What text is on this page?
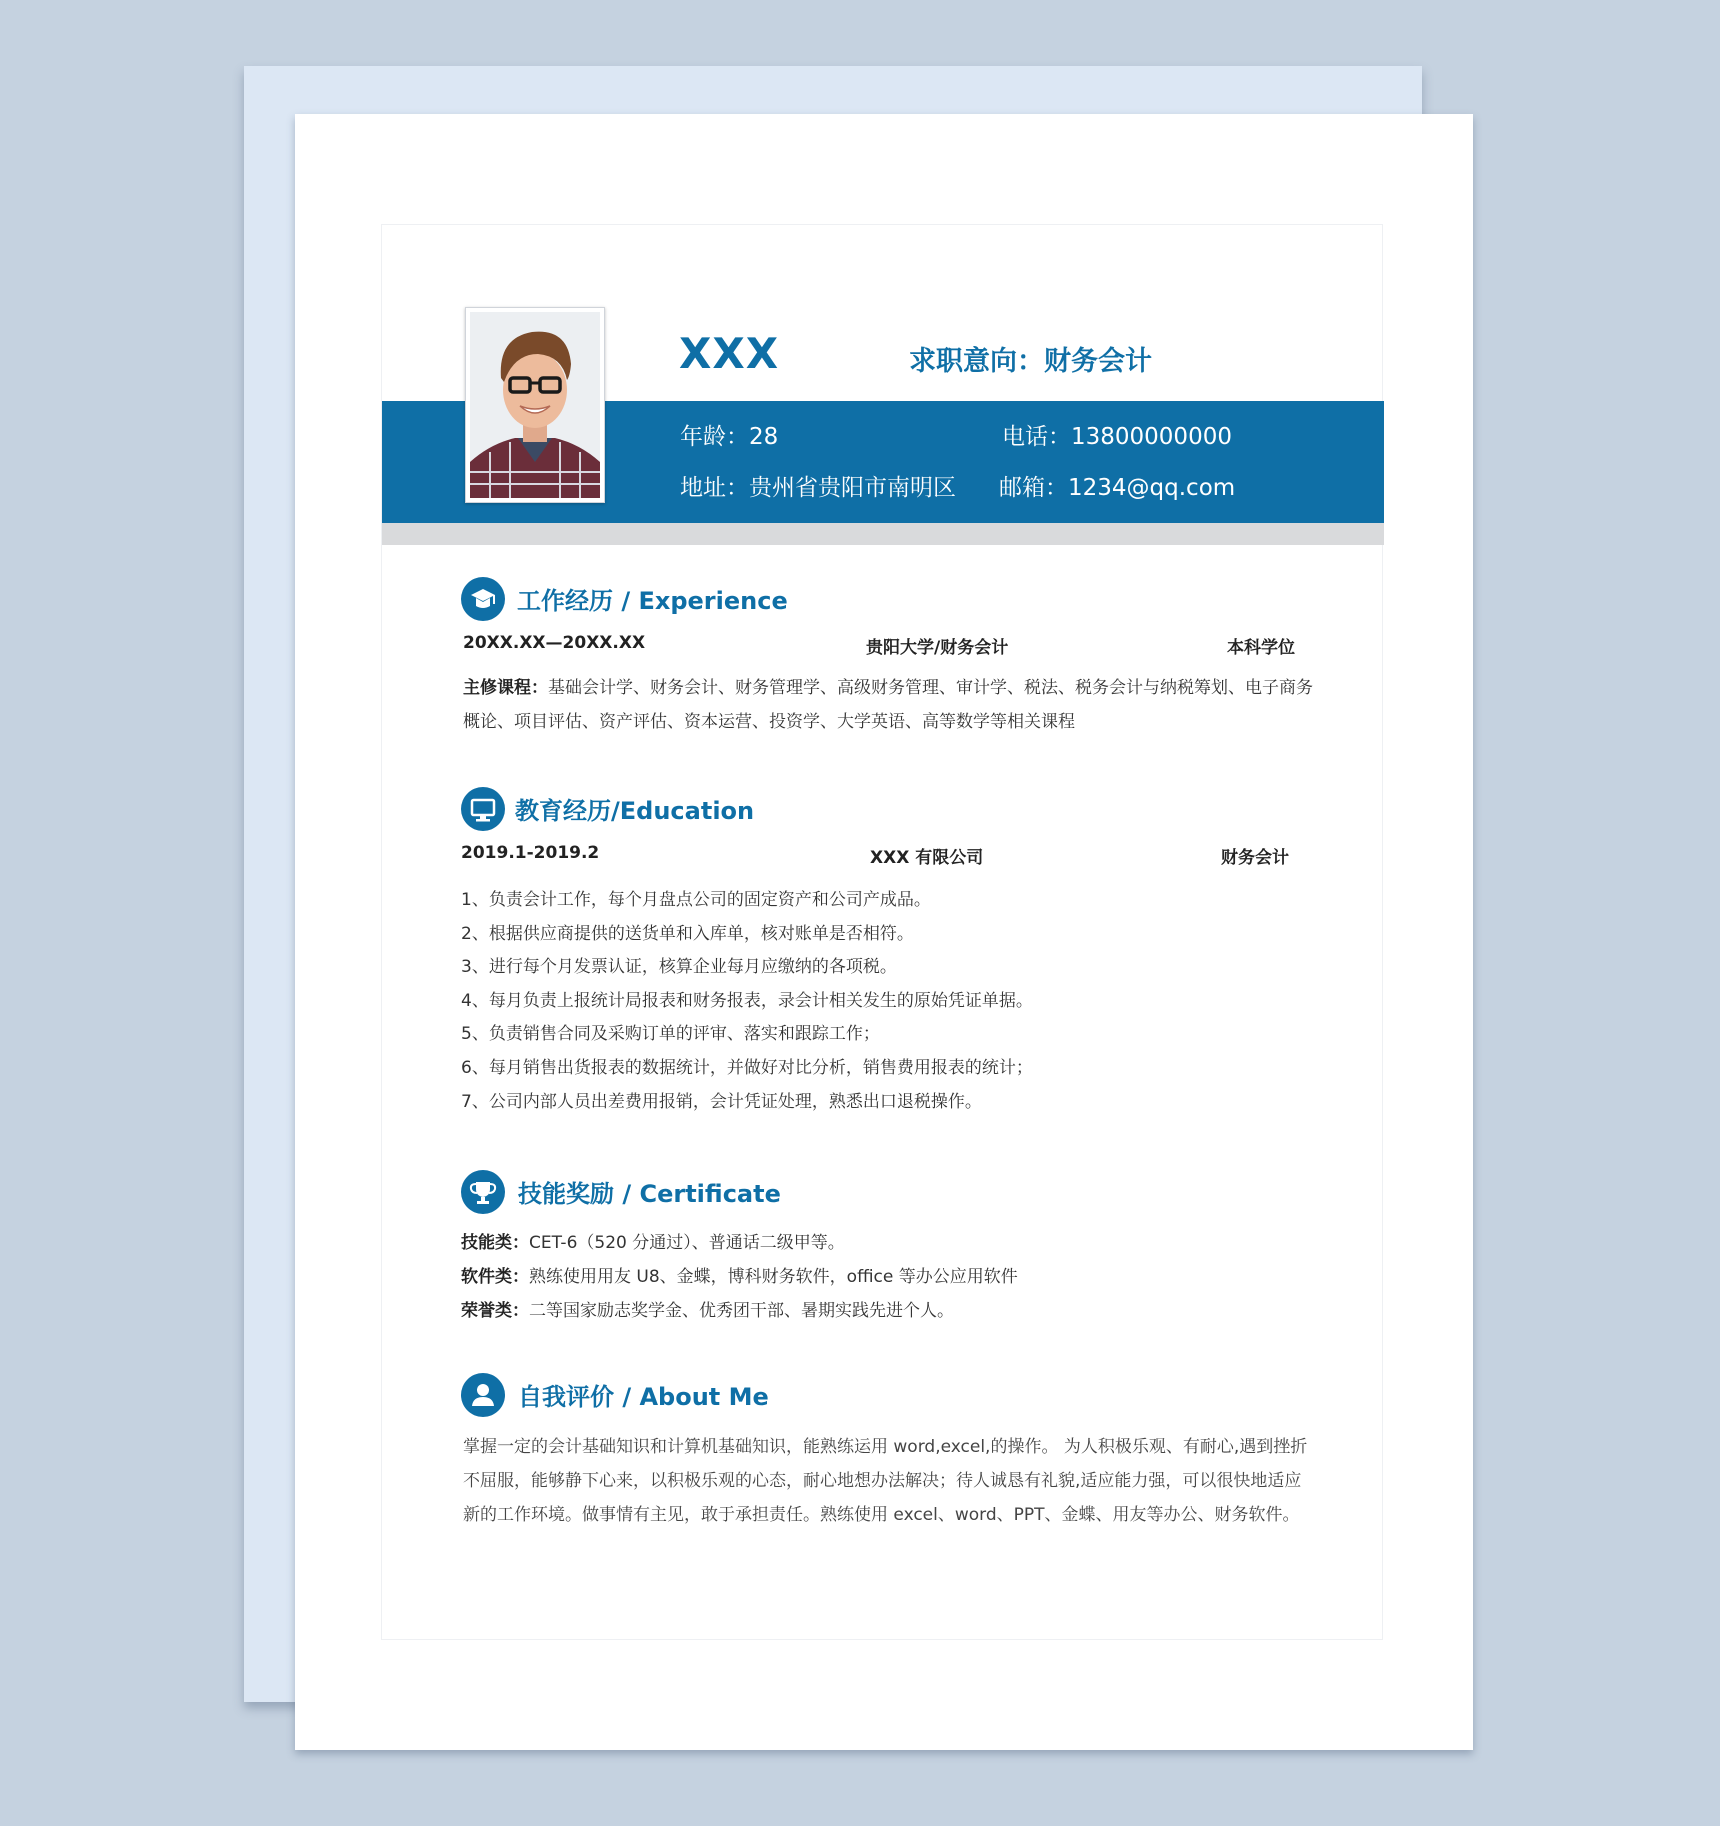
XXX	求职意向：财务会计
年龄：28	电话：13800000000
地址：贵州省贵阳市南明区 邮箱：1234@qq.com
工作经历 / Experience
20XX.XX—20XX.XX	贵阳大学/财务会计	本科学位
主修课程：基础会计学、财务会计、财务管理学、高级财务管理、审计学、税法、税务会计与纳税筹划、电子商务概论、项目评估、资产评估、资本运营、投资学、大学英语、高等数学等相关课程
教育经历/Education
2019.1-2019.2	XXX 有限公司	财务会计
1、负责会计工作，每个月盘点公司的固定资产和公司产成品。
2、根据供应商提供的送货单和入库单，核对账单是否相符。
3、进行每个月发票认证，核算企业每月应缴纳的各项税。
4、每月负责上报统计局报表和财务报表，录会计相关发生的原始凭证单据。
5、负责销售合同及采购订单的评审、落实和跟踪工作；
6、每月销售出货报表的数据统计，并做好对比分析，销售费用报表的统计；
7、公司内部人员出差费用报销，会计凭证处理，熟悉出口退税操作。
技能奖励 / Certificate
技能类：CET-6（520 分通过）、普通话二级甲等。
软件类：熟练使用用友 U8、金蝶，博科财务软件，office 等办公应用软件
荣誉类：二等国家励志奖学金、优秀团干部、暑期实践先进个人。
自我评价 / About Me
掌握一定的会计基础知识和计算机基础知识，能熟练运用 word,excel,的操作。 为人积极乐观、有耐心,遇到挫折不屈服，能够静下心来，以积极乐观的心态，耐心地想办法解决；待人诚恳有礼貌,适应能力强，可以很快地适应新的工作环境。做事情有主见，敢于承担责任。熟练使用 excel、word、PPT、金蝶、用友等办公、财务软件。
